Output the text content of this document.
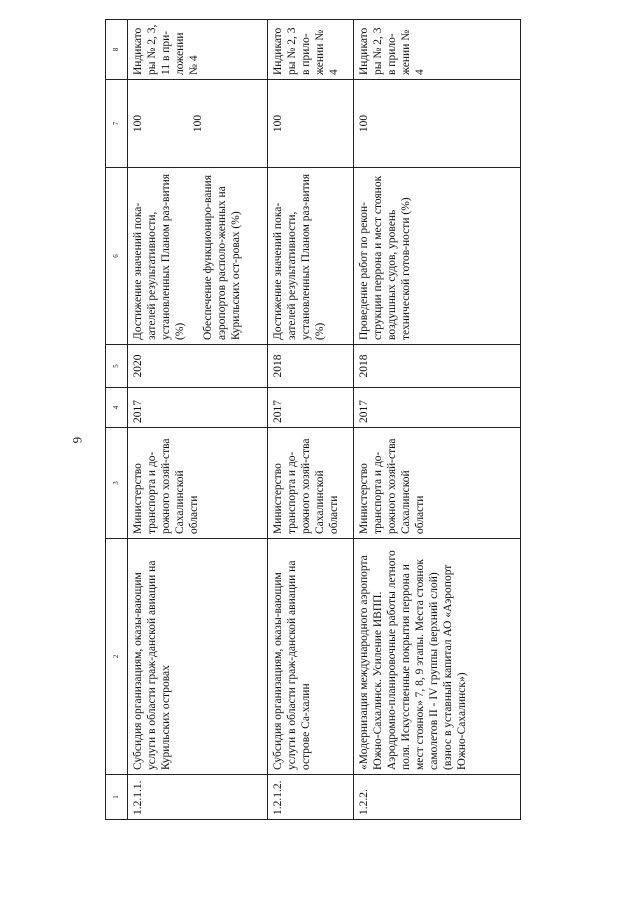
6
1	2	3	4	5	6	7	8
1.2.1.1.	Субсидия организациям, оказы-вающим услуги в области граж-данской авиации на Курильских островах	Министерство транспорта и до-рожного хозяй-ства Сахалинской области	2017	2020	Достижение значений пока-зателей результативности, установленных Планом раз-вития (%) Обеспечение функциониро-вания аэропортов располо-женных на Курильских ост-ровах (%)	100 100	Индикаторы № 2, 3, 11 в при-ложении № 4
1.2.1.2.	Субсидия организациям, оказы-вающим услуги в области граж-данской авиации на острове Са-халин	Министерство транспорта и до-рожного хозяй-ства Сахалинской области	2017	2018	Достижение значений пока-зателей результативности, установленных Планом раз-вития (%)	100	Индикаторы № 2, 3 в прило-жении № 4
1.2.2.	«Модернизация международного аэропорта Южно-Сахалинск. Усиление ИВПП. Аэродромно-планировочные работы летного поля. Искусственные покрытия перрона и мест стоянок» 7, 8, 9 этапы. Места стоянок самолетов II - IV группы (верхний слой) (взнос в уставный капитал АО «Аэропорт Южно-Сахалинск»)	Министерство транспорта и до-рожного хозяй-ства Сахалинской области	2017	2018	Проведение работ по рекон-струкции перрона и мест стоянок воздушных судов, уровень технической готов-ности (%)	100	Индикаторы № 2, 3 в прило-жении № 4
